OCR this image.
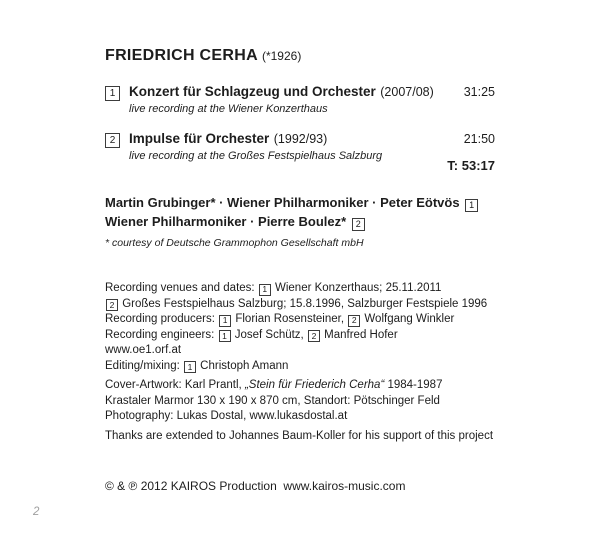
FRIEDRICH CERHA (*1926)
1	Konzert für Schlagzeug und Orchester (2007/08)	31:25
live recording at the Wiener Konzerthaus
2	Impulse für Orchester (1992/93)	21:50
live recording at the Großes Festspielhaus Salzburg
T: 53:17
Martin Grubinger* · Wiener Philharmoniker · Peter Eötvös 1
Wiener Philharmoniker · Pierre Boulez* 2
* courtesy of Deutsche Grammophon Gesellschaft mbH
Recording venues and dates: 1 Wiener Konzerthaus; 25.11.2011
2 Großes Festspielhaus Salzburg; 15.8.1996, Salzburger Festspiele 1996
Recording producers: 1 Florian Rosensteiner, 2 Wolfgang Winkler
Recording engineers: 1 Josef Schütz, 2 Manfred Hofer
www.oe1.orf.at
Editing/mixing: 1 Christoph Amann
Cover-Artwork: Karl Prantl, „Stein für Friederich Cerha“ 1984-1987
Krastaler Marmor 130 x 190 x 870 cm, Standort: Pötschinger Feld
Photography: Lukas Dostal, www.lukasdostal.at
Thanks are extended to Johannes Baum-Koller for his support of this project
© & ℗ 2012 KAIROS Production  www.kairos-music.com
2
